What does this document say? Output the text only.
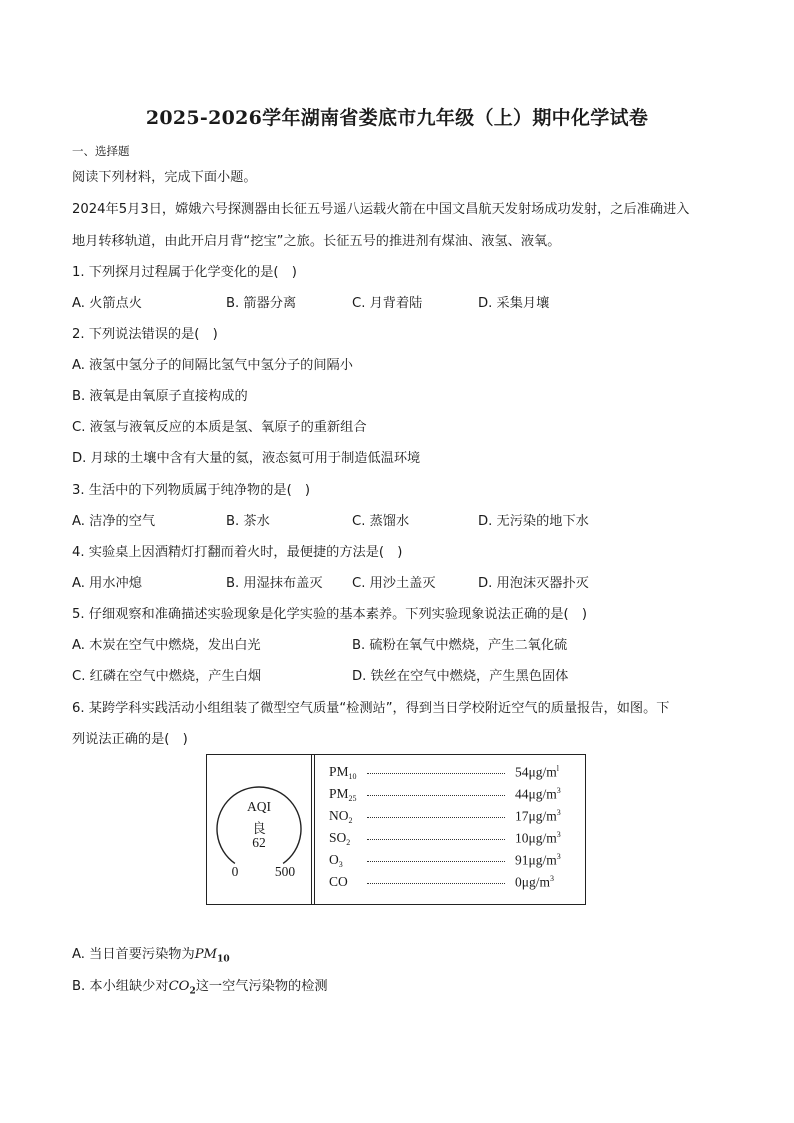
2025-2026学年湖南省娄底市九年级（上）期中化学试卷
一、选择题
阅读下列材料，完成下面小题。
2024年5月3日，嫦娥六号探测器由长征五号遥八运载火箭在中国文昌航天发射场成功发射，之后准确进入
地月转移轨道，由此开启月背“挖宝”之旅。长征五号的推进剂有煤油、液氢、液氧。
1. 下列探月过程属于化学变化的是(　)
A. 火箭点火	B. 箭器分离	C. 月背着陆	D. 采集月壤
2. 下列说法错误的是(　)
A. 液氢中氢分子的间隔比氢气中氢分子的间隔小
B. 液氧是由氧原子直接构成的
C. 液氢与液氧反应的本质是氢、氧原子的重新组合
D. 月球的土壤中含有大量的氦，液态氦可用于制造低温环境
3. 生活中的下列物质属于纯净物的是(　)
A. 洁净的空气	B. 茶水	C. 蒸馏水	D. 无污染的地下水
4. 实验桌上因酒精灯打翻而着火时，最便捷的方法是(　)
A. 用水冲熄	B. 用湿抹布盖灭 C. 用沙土盖灭	D. 用泡沫灭器扑灭
5. 仔细观察和准确描述实验现象是化学实验的基本素养。下列实验现象说法正确的是(　)
A. 木炭在空气中燃烧，发出白光	B. 硫粉在氧气中燃烧，产生二氧化硫
C. 红磷在空气中燃烧，产生白烟	D. 铁丝在空气中燃烧，产生黑色固体
6. 某跨学科实践活动小组组装了微型空气质量“检测站”，得到当日学校附近空气的质量报告，如图。下
列说法正确的是(　)
AQI
良
62
0	500
$PM_{10}$	$54\mu g/m^l$
$PM_{25}$	$44\mu g/m^3$
$NO_2$	$17\mu g/m^3$
$SO_2$	$10\mu g/m^3$
$O_3$	$91\mu g/m^3$
CO	$0\mu g/m^3$
A. 当日首要污染物为$PM_{10}$
B. 本小组缺少对$CO_2$这一空气污染物的检测
